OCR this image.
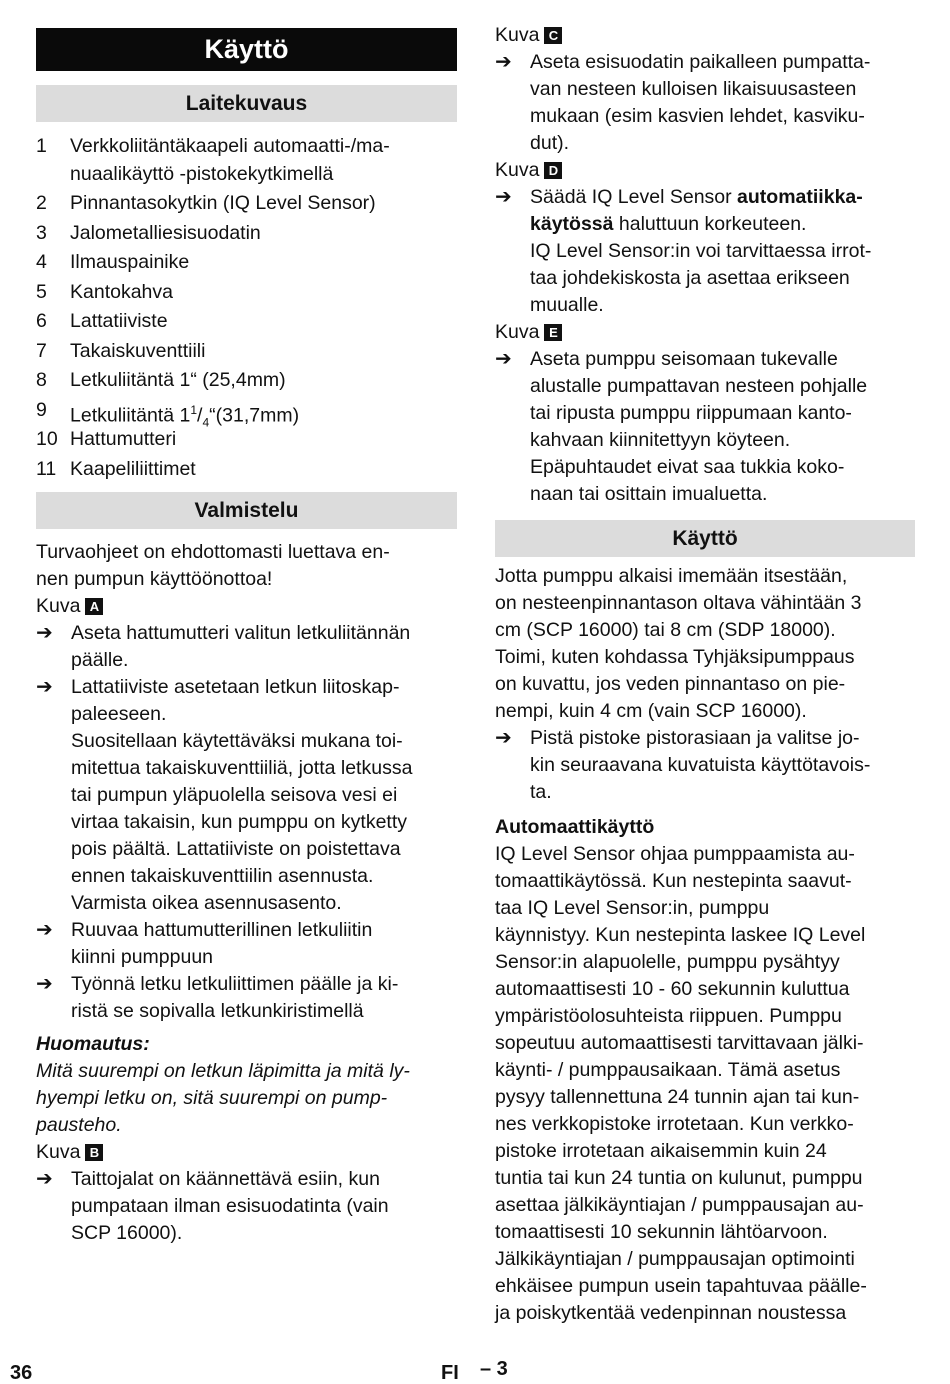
Käyttö
Laitekuvaus
1	Verkkoliitäntäkaapeli automaatti-/ma-
nuaalikäyttö -pistokekytkimellä
2	Pinnantasokytkin (IQ Level Sensor)
3	Jalometalliesisuodatin
4	Ilmauspainike
5	Kantokahva
6	Lattatiiviste
7	Takaiskuventtiili
8	Letkuliitäntä 1“ (25,4mm)
9	Letkuliitäntä $1^1/_4“(31,7mm)$
10 Hattumutteri
11 Kaapeliliittimet
Valmistelu
Turvaohjeet on ehdottomasti luettava en-
nen pumpun käyttöönottoa!
Kuva A
➔ Aseta hattumutteri valitun letkuliitännän
päälle.
➔ Lattatiiviste asetetaan letkun liitoskap-
paleeseen.
Suositellaan käytettäväksi mukana toi-
mitettua takaiskuventtiiliä, jotta letkussa
tai pumpun yläpuolella seisova vesi ei
virtaa takaisin, kun pumppu on kytketty
pois päältä. Lattatiiviste on poistettava
ennen takaiskuventtiilin asennusta.
Varmista oikea asennusasento.
➔ Ruuvaa hattumutterillinen letkuliitin
kiinni pumppuun
➔ Työnnä letku letkuliittimen päälle ja ki-
ristä se sopivalla letkunkiristimellä
Huomautus:
Mitä suurempi on letkun läpimitta ja mitä ly-
hyempi letku on, sitä suurempi on pump-
pausteho.
Kuva B
➔ Taittojalat on käännettävä esiin, kun
pumpataan ilman esisuodatinta (vain
SCP 16000).
Kuva C
➔ Aseta esisuodatin paikalleen pumpatta-
van nesteen kulloisen likaisuusasteen
mukaan (esim kasvien lehdet, kasviku-
dut).
Kuva D
➔ Säädä IQ Level Sensor automatiikka-
käytössä haluttuun korkeuteen.
IQ Level Sensor:in voi tarvittaessa irrot-
taa johdekiskosta ja asettaa erikseen
muualle.
Kuva E
➔ Aseta pumppu seisomaan tukevalle
alustalle pumpattavan nesteen pohjalle
tai ripusta pumppu riippumaan kanto-
kahvaan kiinnitettyyn köyteen.
Epäpuhtaudet eivat saa tukkia koko-
naan tai osittain imualuetta.
Käyttö
Jotta pumppu alkaisi imemään itsestään,
on nesteenpinnantason oltava vähintään 3
cm (SCP 16000) tai 8 cm (SDP 18000).
Toimi, kuten kohdassa Tyhjäksipumppaus
on kuvattu, jos veden pinnantaso on pie-
nempi, kuin 4 cm (vain SCP 16000).
➔ Pistä pistoke pistorasiaan ja valitse jo-
kin seuraavana kuvatuista käyttötavois-
ta.
Automaattikäyttö
IQ Level Sensor ohjaa pumppaamista au-
tomaattikäytössä. Kun nestepinta saavut-
taa IQ Level Sensor:in, pumppu
käynnistyy. Kun nestepinta laskee IQ Level
Sensor:in alapuolelle, pumppu pysähtyy
automaattisesti 10 - 60 sekunnin kuluttua
ympäristöolosuhteista riippuen. Pumppu
sopeutuu automaattisesti tarvittavaan jälki-
käynti- / pumppausaikaan. Tämä asetus
pysyy tallennettuna 24 tunnin ajan tai kun-
nes verkkopistoke irrotetaan. Kun verkko-
pistoke irrotetaan aikaisemmin kuin 24
tuntia tai kun 24 tuntia on kulunut, pumppu
asettaa jälkikäyntiajan / pumppausajan au-
tomaattisesti 10 sekunnin lähtöarvoon.
Jälkikäyntiajan / pumppausajan optimointi
ehkäisee pumpun usein tapahtuvaa päälle-
ja poiskytkentää vedenpinnan noustessa
36	FI – 3
